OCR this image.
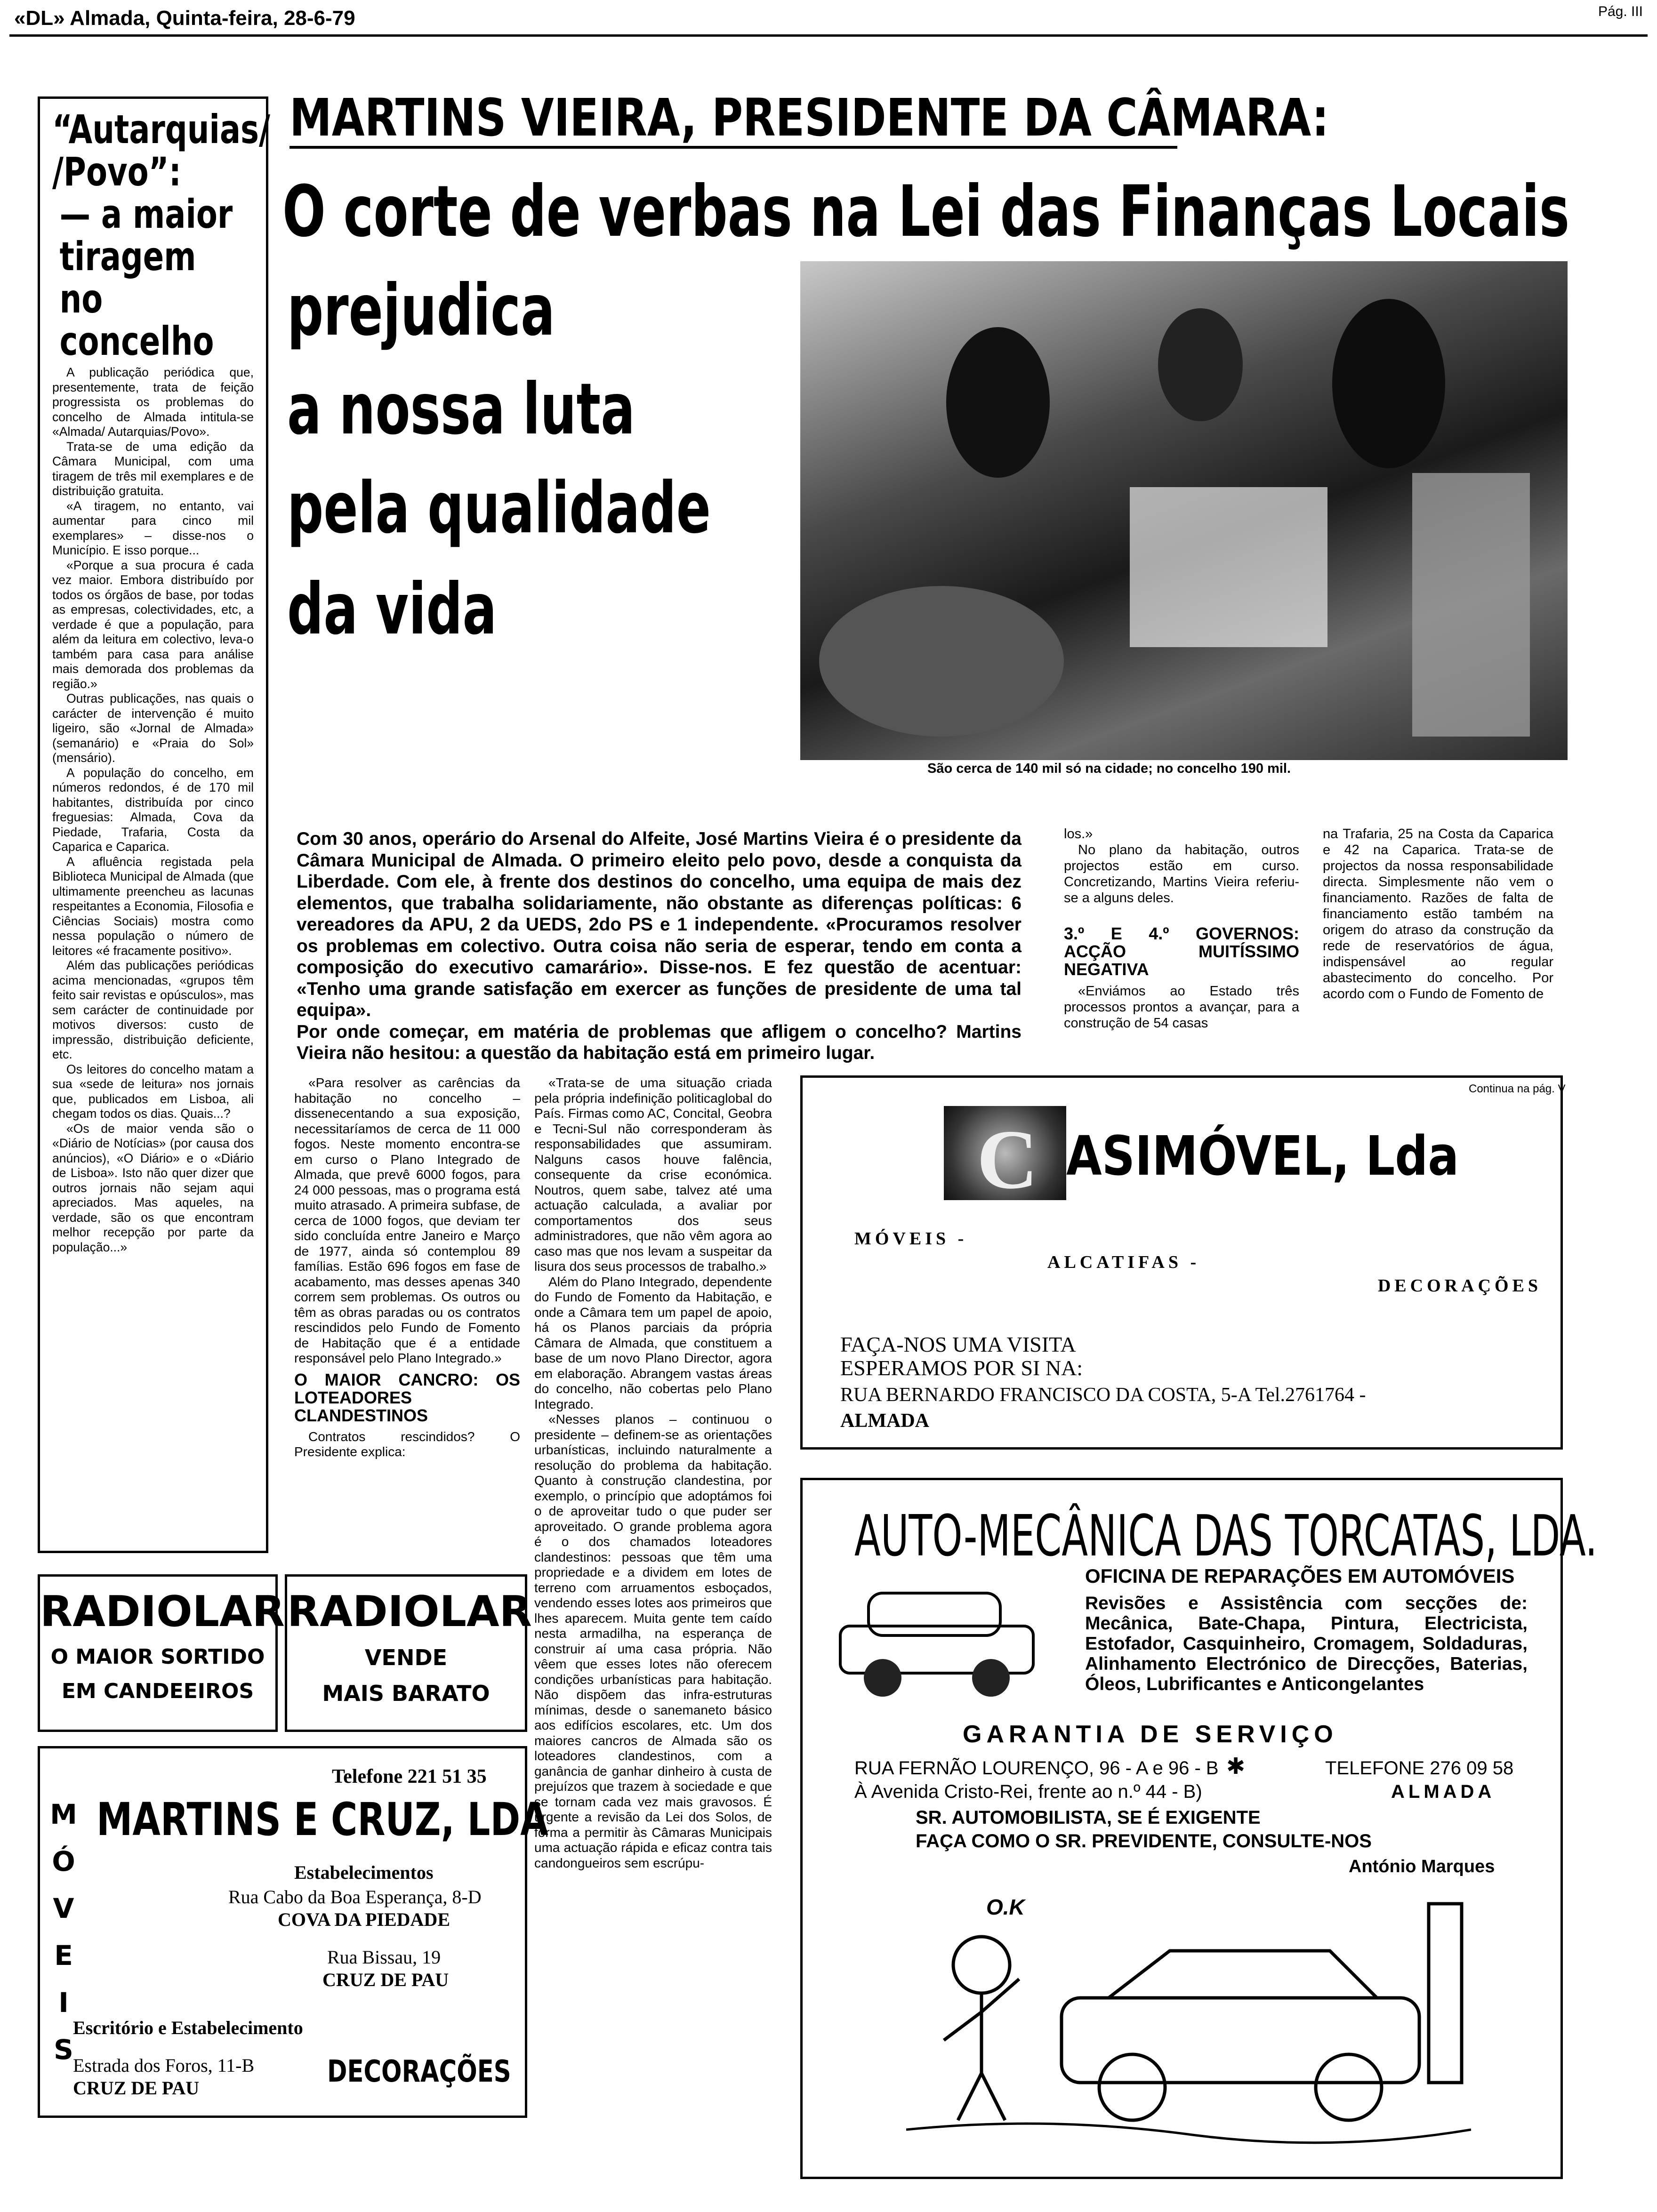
«DL» Almada, Quinta-feira, 28-6-79	Pág. III
“Autarquias/
/Povo”:
— a maior
tiragem
no concelho

A publicação periódica que, presentemente, trata de feição progressista os problemas do concelho de Almada intitula-se «Almada/ Autarquias/Povo».

Trata-se de uma edição da Câmara Municipal, com uma tiragem de três mil exemplares e de distribuição gratuita.

«A tiragem, no entanto, vai aumentar para cinco mil exemplares» – disse-nos o Município. E isso porque...

«Porque a sua procura é cada vez maior. Embora distribuído por todos os órgãos de base, por todas as empresas, colectividades, etc, a verdade é que a população, para além da leitura em colectivo, leva-o também para casa para análise mais demorada dos problemas da região.»

Outras publicações, nas quais o carácter de intervenção é muito ligeiro, são «Jornal de Almada» (semanário) e «Praia do Sol» (mensário).

A população do concelho, em números redondos, é de 170 mil habitantes, distribuída por cinco freguesias: Almada, Cova da Piedade, Trafaria, Costa da Caparica e Caparica.

A afluência registada pela Biblioteca Municipal de Almada (que ultimamente preencheu as lacunas respeitantes a Economia, Filosofia e Ciências Sociais) mostra como nessa população o número de leitores «é fracamente positivo».

Além das publicações periódicas acima mencionadas, «grupos têm feito sair revistas e opúsculos», mas sem carácter de continuidade por motivos diversos: custo de impressão, distribuição deficiente, etc.

Os leitores do concelho matam a sua «sede de leitura» nos jornais que, publicados em Lisboa, ali chegam todos os dias. Quais...?

«Os de maior venda são o «Diário de Notícias» (por causa dos anúncios), «O Diário» e o «Diário de Lisboa». Isto não quer dizer que outros jornais não sejam aqui apreciados. Mas aqueles, na verdade, são os que encontram melhor recepção por parte da população...»

MARTINS VIEIRA, PRESIDENTE DA CÂMARA:
O corte de verbas na Lei das Finanças Locais
prejudica
a nossa luta
pela qualidade
da vida
São cerca de 140 mil só na cidade; no concelho 190 mil.
Com 30 anos, operário do Arsenal do Alfeite, José Martins Vieira é o presidente da Câmara Municipal de Almada. O primeiro eleito pelo povo, desde a conquista da Liberdade. Com ele, à frente dos destinos do concelho, uma equipa de mais dez elementos, que trabalha solidariamente, não obstante as diferenças políticas: 6 vereadores da APU, 2 da UEDS, 2do PS e 1 independente. «Procuramos resolver os problemas em colectivo. Outra coisa não seria de esperar, tendo em conta a composição do executivo camarário». Disse-nos. E fez questão de acentuar: «Tenho uma grande satisfação em exercer as funções de presidente de uma tal equipa».
Por onde começar, em matéria de problemas que afligem o concelho? Martins Vieira não hesitou: a questão da habitação está em primeiro lugar.

los.»

No plano da habitação, outros projectos estão em curso. Concretizando, Martins Vieira referiu-se a alguns deles.

3.º E 4.º GOVERNOS: ACÇÃO MUITÍSSIMO NEGATIVA

«Enviámos ao Estado três processos prontos a avançar, para a construção de 54 casas

na Trafaria, 25 na Costa da Caparica e 42 na Caparica. Trata-se de projectos da nossa responsabilidade directa. Simplesmente não vem o financiamento. Razões de falta de financiamento estão também na origem do atraso da construção da rede de reservatórios de água, indispensável ao regular abastecimento do concelho. Por acordo com o Fundo de Fomento de

Continua na pág. V

«Para resolver as carências da habitação no concelho – dissenecentando a sua exposição, necessitaríamos de cerca de 11 000 fogos. Neste momento encontra-se em curso o Plano Integrado de Almada, que prevê 6000 fogos, para 24 000 pessoas, mas o programa está muito atrasado. A primeira subfase, de cerca de 1000 fogos, que deviam ter sido concluída entre Janeiro e Março de 1977, ainda só contemplou 89 famílias. Estão 696 fogos em fase de acabamento, mas desses apenas 340 correm sem problemas. Os outros ou têm as obras paradas ou os contratos rescindidos pelo Fundo de Fomento de Habitação que é a entidade responsável pelo Plano Integrado.»

O MAIOR CANCRO: OS LOTEADORES CLANDESTINOS

Contratos rescindidos? O Presidente explica:

«Trata-se de uma situação criada pela própria indefinição politicaglobal do País. Firmas como AC, Concital, Geobra e Tecni-Sul não corresponderam às responsabilidades que assumiram. Nalguns casos houve falência, consequente da crise económica. Noutros, quem sabe, talvez até uma actuação calculada, a avaliar por comportamentos dos seus administradores, que não vêm agora ao caso mas que nos levam a suspeitar da lisura dos seus processos de trabalho.»

Além do Plano Integrado, dependente do Fundo de Fomento da Habitação, e onde a Câmara tem um papel de apoio, há os Planos parciais da própria Câmara de Almada, que constituem a base de um novo Plano Director, agora em elaboração. Abrangem vastas áreas do concelho, não cobertas pelo Plano Integrado.

«Nesses planos – continuou o presidente – definem-se as orientações urbanísticas, incluindo naturalmente a resolução do problema da habitação. Quanto à construção clandestina, por exemplo, o princípio que adoptámos foi o de aproveitar tudo o que puder ser aproveitado. O grande problema agora é o dos chamados loteadores clandestinos: pessoas que têm uma propriedade e a dividem em lotes de terreno com arruamentos esboçados, vendendo esses lotes aos primeiros que lhes aparecem. Muita gente tem caído nesta armadilha, na esperança de construir aí uma casa própria. Não vêem que esses lotes não oferecem condições urbanísticas para habitação. Não dispõem das infra-estruturas mínimas, desde o sanemaneto básico aos edifícios escolares, etc. Um dos maiores cancros de Almada são os loteadores clandestinos, com a ganância de ganhar dinheiro à custa de prejuízos que trazem à sociedade e que se tornam cada vez mais gravosos. É urgente a revisão da Lei dos Solos, de forma a permitir às Câmaras Municipais uma actuação rápida e eficaz contra tais candongueiros sem escrúpu-

C ASIMÓVEL, Lda
MÓVEIS -
ALCATIFAS -
DECORAÇÕES
FAÇA-NOS UMA VISITA
ESPERAMOS POR SI NA:
RUA BERNARDO FRANCISCO DA COSTA, 5-A Tel.2761764 -
ALMADA
AUTO-MECÂNICA DAS TORCATAS, LDA.
OFICINA DE REPARAÇÕES EM AUTOMÓVEIS
Revisões e Assistência com secções de: Mecânica, Bate-Chapa, Pintura, Electricista, Estofador, Casquinheiro, Cromagem, Soldaduras, Alinhamento Electrónico de Direcções, Baterias, Óleos, Lubrificantes e Anticongelantes
GARANTIA DE SERVIÇO
RUA FERNÃO LOURENÇO, 96 - A e 96 - B ✱	TELEFONE 276 09 58
À Avenida Cristo-Rei, frente ao n.º 44 - B)	ALMADA
SR. AUTOMOBILISTA, SE É EXIGENTE
FAÇA COMO O SR. PREVIDENTE, CONSULTE-NOS
António Marques
O.K
RADIOLAR
O MAIOR SORTIDO
EM CANDEEIROS
RADIOLAR
VENDE
MAIS BARATO
Telefone 221 51 35
MÓVEIS
MARTINS E CRUZ, LDA
Estabelecimentos
Rua Cabo da Boa Esperança, 8-D
COVA DA PIEDADE
Rua Bissau, 19
CRUZ DE PAU
Escritório e Estabelecimento
Estrada dos Foros, 11-B
CRUZ DE PAU	DECORAÇÕES
